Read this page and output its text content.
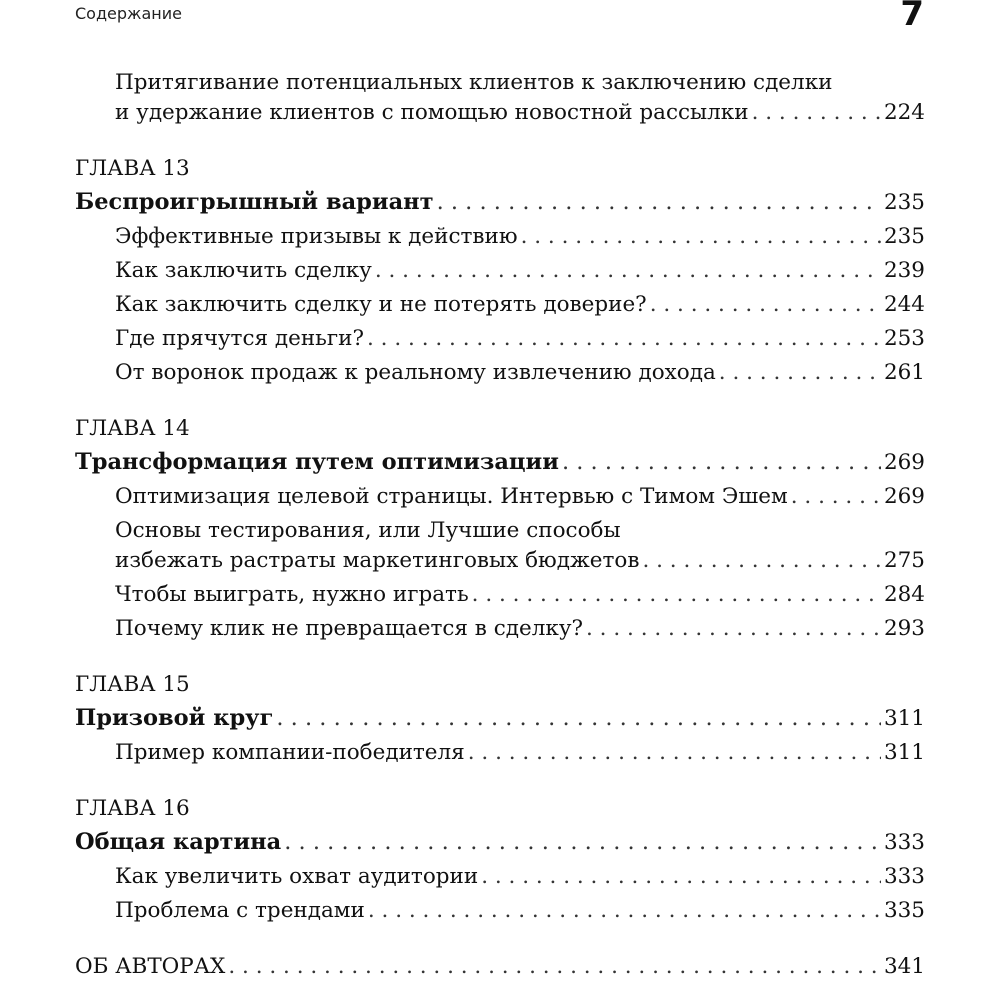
Содержание	7
Притягивание потенциальных клиентов к заключению сделки
и удержание клиентов с помощью новостной рассылки . . .	224
ГЛАВА 13
Беспроигрышный вариант . . .	235
Эффективные призывы к действию . . .	235
Как заключить сделку . . .	239
Как заключить сделку и не потерять доверие? . . .	244
Где прячутся деньги? . . .	253
От воронок продаж к реальному извлечению дохода . . .	261
ГЛАВА 14
Трансформация путем оптимизации . . .	269
Оптимизация целевой страницы. Интервью с Тимом Эшем . . .	269
Основы тестирования, или Лучшие способы
избежать растраты маркетинговых бюджетов . . .	275
Чтобы выиграть, нужно играть . . .	284
Почему клик не превращается в сделку? . . .	293
ГЛАВА 15
Призовой круг . . .	311
Пример компании-победителя . . .	311
ГЛАВА 16
Общая картина . . .	333
Как увеличить охват аудитории . . .	333
Проблема с трендами . . .	335
ОБ АВТОРАХ . . .	341
